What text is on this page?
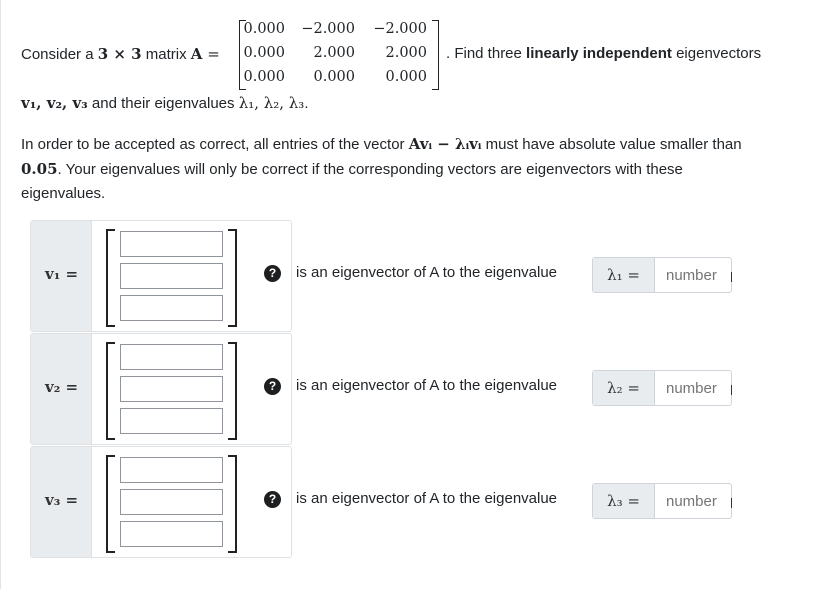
Consider a 3 × 3 matrix A =	. Find three linearly independent eigenvectors
0.000	−2.000	−2.000
0.000	2.000	2.000
0.000	0.000	0.000
v₁, v₂, v₃ and their eigenvalues λ₁, λ₂, λ₃.
In order to be accepted as correct, all entries of the vector Avᵢ − λᵢvᵢ must have absolute value smaller than
0.05. Your eigenvalues will only be correct if the corresponding vectors are eigenvectors with these
eigenvalues.
v₁ =	?	is an eigenvector of A to the eigenvalue	λ₁ =
number
v₂ =	?	is an eigenvector of A to the eigenvalue	λ₂ =
number
v₃ =	?	is an eigenvector of A to the eigenvalue	λ₃ =
number
